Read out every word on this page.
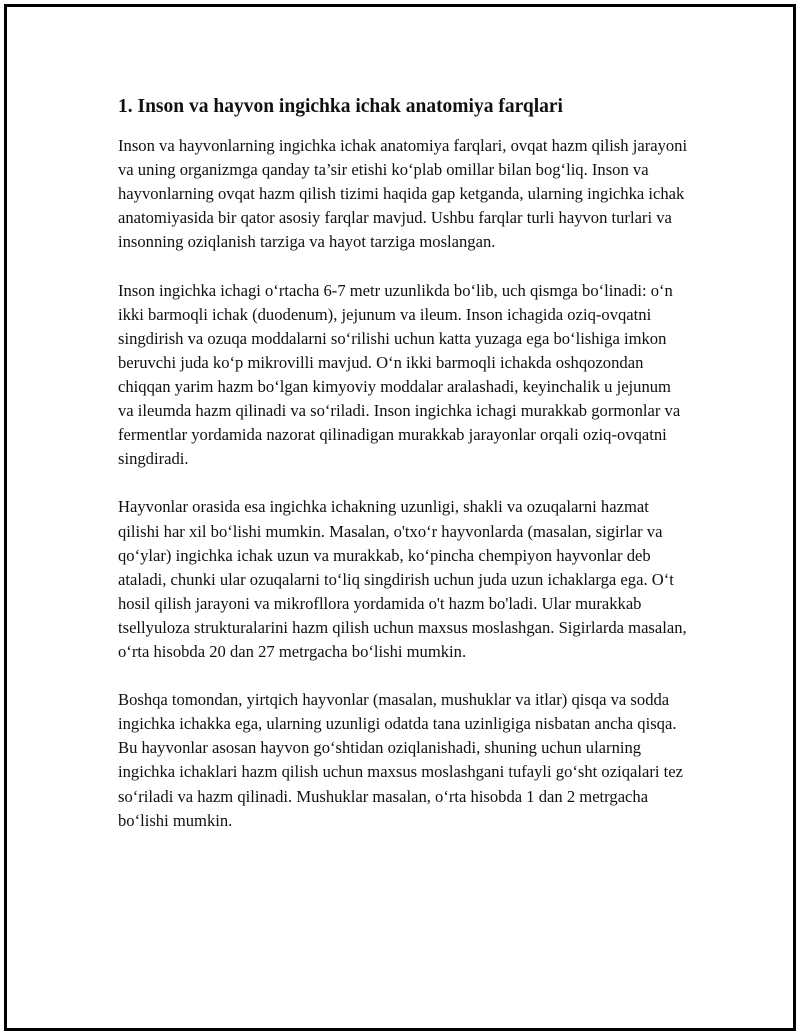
1. Inson va hayvon ingichka ichak anatomiya farqlari

Inson va hayvonlarning ingichka ichak anatomiya farqlari, ovqat hazm qilish jarayoni va uning organizmga qanday ta’sir etishi ko‘plab omillar bilan bog‘liq. Inson va hayvonlarning ovqat hazm qilish tizimi haqida gap ketganda, ularning ingichka ichak anatomiyasida bir qator asosiy farqlar mavjud. Ushbu farqlar turli hayvon turlari va insonning oziqlanish tarziga va hayot tarziga moslangan.

Inson ingichka ichagi o‘rtacha 6-7 metr uzunlikda bo‘lib, uch qismga bo‘linadi: o‘n ikki barmoqli ichak (duodenum), jejunum va ileum. Inson ichagida oziq-ovqatni singdirish va ozuqa moddalarni so‘rilishi uchun katta yuzaga ega bo‘lishiga imkon beruvchi juda ko‘p mikrovilli mavjud. O‘n ikki barmoqli ichakda oshqozondan chiqqan yarim hazm bo‘lgan kimyoviy moddalar aralashadi, keyinchalik u jejunum va ileumda hazm qilinadi va so‘riladi. Inson ingichka ichagi murakkab gormonlar va fermentlar yordamida nazorat qilinadigan murakkab jarayonlar orqali oziq-ovqatni singdiradi.

Hayvonlar orasida esa ingichka ichakning uzunligi, shakli va ozuqalarni hazmat qilishi har xil bo‘lishi mumkin. Masalan, o'txo‘r hayvonlarda (masalan, sigirlar va qo‘ylar) ingichka ichak uzun va murakkab, ko‘pincha chempiyon hayvonlar deb ataladi, chunki ular ozuqalarni to‘liq singdirish uchun juda uzun ichaklarga ega. O‘t hosil qilish jarayoni va mikrofllora yordamida o't hazm bo'ladi. Ular murakkab tsellyuloza strukturalarini hazm qilish uchun maxsus moslashgan. Sigirlarda masalan, o‘rta hisobda 20 dan 27 metrgacha bo‘lishi mumkin.

Boshqa tomondan, yirtqich hayvonlar (masalan, mushuklar va itlar) qisqa va sodda ingichka ichakka ega, ularning uzunligi odatda tana uzinligiga nisbatan ancha qisqa. Bu hayvonlar asosan hayvon go‘shtidan oziqlanishadi, shuning uchun ularning ingichka ichaklari hazm qilish uchun maxsus moslashgani tufayli go‘sht oziqalari tez so‘riladi va hazm qilinadi. Mushuklar masalan, o‘rta hisobda 1 dan 2 metrgacha bo‘lishi mumkin.
